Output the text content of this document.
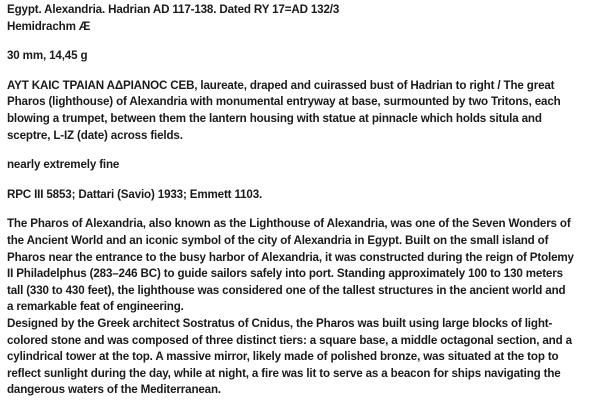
Egypt. Alexandria. Hadrian AD 117-138. Dated RY 17=AD 132/3
Hemidrachm Æ
30 mm, 14,45 g
ΑΥΤ ΚΑΙC ΤΡΑΙΑΝ ΑΔΡΙΑΝΟC CΕΒ, laureate, draped and cuirassed bust of Hadrian to right / The great
Pharos (lighthouse) of Alexandria with monumental entryway at base, surmounted by two Tritons, each
blowing a trumpet, between them the lantern housing with statue at pinnacle which holds situla and
sceptre, L-IZ (date) across fields.
nearly extremely fine
RPC III 5853; Dattari (Savio) 1933; Emmett 1103.
The Pharos of Alexandria, also known as the Lighthouse of Alexandria, was one of the Seven Wonders of
the Ancient World and an iconic symbol of the city of Alexandria in Egypt. Built on the small island of
Pharos near the entrance to the busy harbor of Alexandria, it was constructed during the reign of Ptolemy
II Philadelphus (283–246 BC) to guide sailors safely into port. Standing approximately 100 to 130 meters
tall (330 to 430 feet), the lighthouse was considered one of the tallest structures in the ancient world and
a remarkable feat of engineering.
Designed by the Greek architect Sostratus of Cnidus, the Pharos was built using large blocks of light-
colored stone and was composed of three distinct tiers: a square base, a middle octagonal section, and a
cylindrical tower at the top. A massive mirror, likely made of polished bronze, was situated at the top to
reflect sunlight during the day, while at night, a fire was lit to serve as a beacon for ships navigating the
dangerous waters of the Mediterranean.
